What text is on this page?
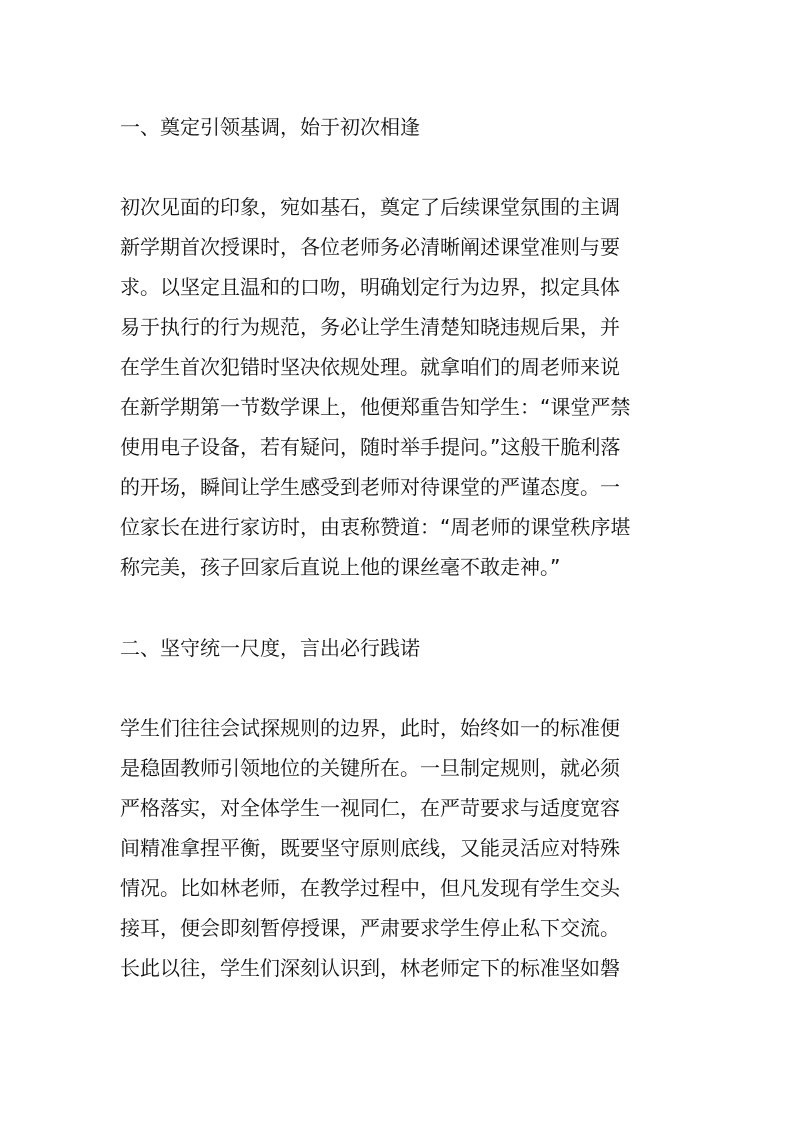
一、奠定引领基调，始于初次相逢
初次见面的印象，宛如基石，奠定了后续课堂氛围的主调
新学期首次授课时，各位老师务必清晰阐述课堂准则与要
求。以坚定且温和的口吻，明确划定行为边界，拟定具体
易于执行的行为规范，务必让学生清楚知晓违规后果，并
在学生首次犯错时坚决依规处理。就拿咱们的周老师来说
在新学期第一节数学课上，他便郑重告知学生：“课堂严禁
使用电子设备，若有疑问，随时举手提问。”这般干脆利落
的开场，瞬间让学生感受到老师对待课堂的严谨态度。一
位家长在进行家访时，由衷称赞道：“周老师的课堂秩序堪
称完美，孩子回家后直说上他的课丝毫不敢走神。”
二、坚守统一尺度，言出必行践诺
学生们往往会试探规则的边界，此时，始终如一的标准便
是稳固教师引领地位的关键所在。一旦制定规则，就必须
严格落实，对全体学生一视同仁，在严苛要求与适度宽容
间精准拿捏平衡，既要坚守原则底线，又能灵活应对特殊
情况。比如林老师，在教学过程中，但凡发现有学生交头
接耳，便会即刻暂停授课，严肃要求学生停止私下交流。
长此以往，学生们深刻认识到，林老师定下的标准坚如磐
